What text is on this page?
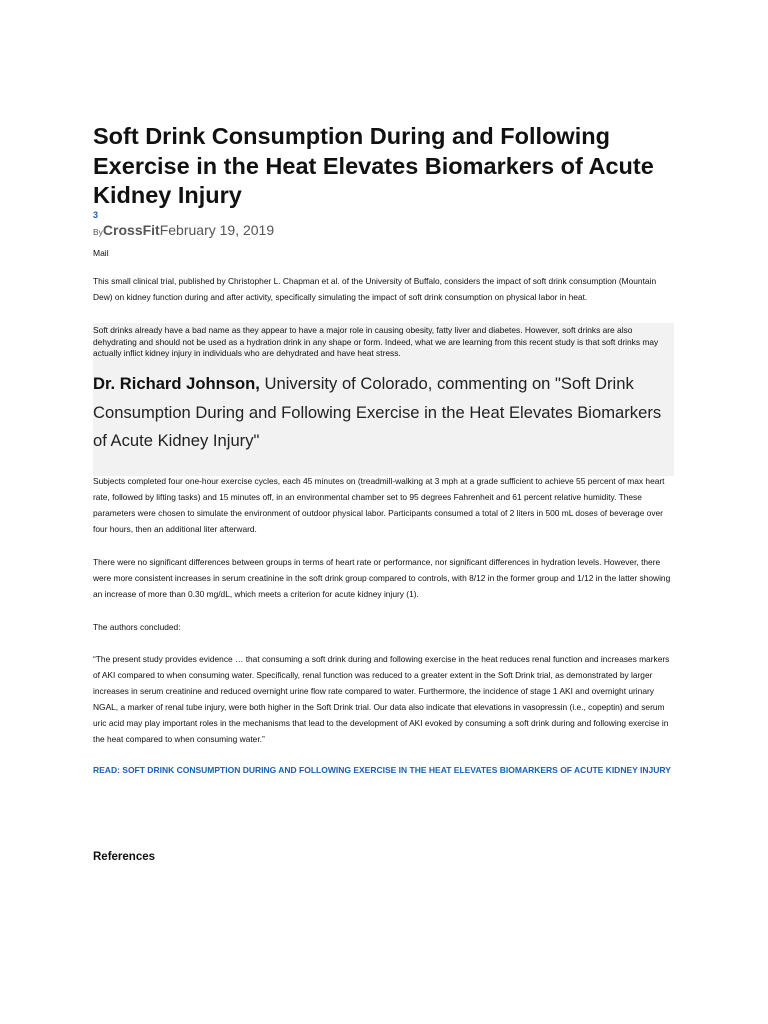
Soft Drink Consumption During and Following Exercise in the Heat Elevates Biomarkers of Acute Kidney Injury
3
ByCrossFitFebruary 19, 2019
Mail

This small clinical trial, published by Christopher L. Chapman et al. of the University of Buffalo, considers the impact of soft drink consumption (Mountain Dew) on kidney function during and after activity, specifically simulating the impact of soft drink consumption on physical labor in heat.

Soft drinks already have a bad name as they appear to have a major role in causing obesity, fatty liver and diabetes. However, soft drinks are also dehydrating and should not be used as a hydration drink in any shape or form. Indeed, what we are learning from this recent study is that soft drinks may actually inflict kidney injury in individuals who are dehydrated and have heat stress.

Dr. Richard Johnson, University of Colorado, commenting on "Soft Drink Consumption During and Following Exercise in the Heat Elevates Biomarkers of Acute Kidney Injury"

Subjects completed four one-hour exercise cycles, each 45 minutes on (treadmill-walking at 3 mph at a grade sufficient to achieve 55 percent of max heart rate, followed by lifting tasks) and 15 minutes off, in an environmental chamber set to 95 degrees Fahrenheit and 61 percent relative humidity. These parameters were chosen to simulate the environment of outdoor physical labor. Participants consumed a total of 2 liters in 500 mL doses of beverage over four hours, then an additional liter afterward.

There were no significant differences between groups in terms of heart rate or performance, nor significant differences in hydration levels. However, there were more consistent increases in serum creatinine in the soft drink group compared to controls, with 8/12 in the former group and 1/12 in the latter showing an increase of more than 0.30 mg/dL, which meets a criterion for acute kidney injury (1).

The authors concluded:

“The present study provides evidence … that consuming a soft drink during and following exercise in the heat reduces renal function and increases markers of AKI compared to when consuming water. Specifically, renal function was reduced to a greater extent in the Soft Drink trial, as demonstrated by larger increases in serum creatinine and reduced overnight urine flow rate compared to water. Furthermore, the incidence of stage 1 AKI and overnight urinary NGAL, a marker of renal tube injury, were both higher in the Soft Drink trial. Our data also indicate that elevations in vasopressin (i.e., copeptin) and serum uric acid may play important roles in the mechanisms that lead to the development of AKI evoked by consuming a soft drink during and following exercise in the heat compared to when consuming water.”

READ: SOFT DRINK CONSUMPTION DURING AND FOLLOWING EXERCISE IN THE HEAT ELEVATES BIOMARKERS OF ACUTE KIDNEY INJURY
References
